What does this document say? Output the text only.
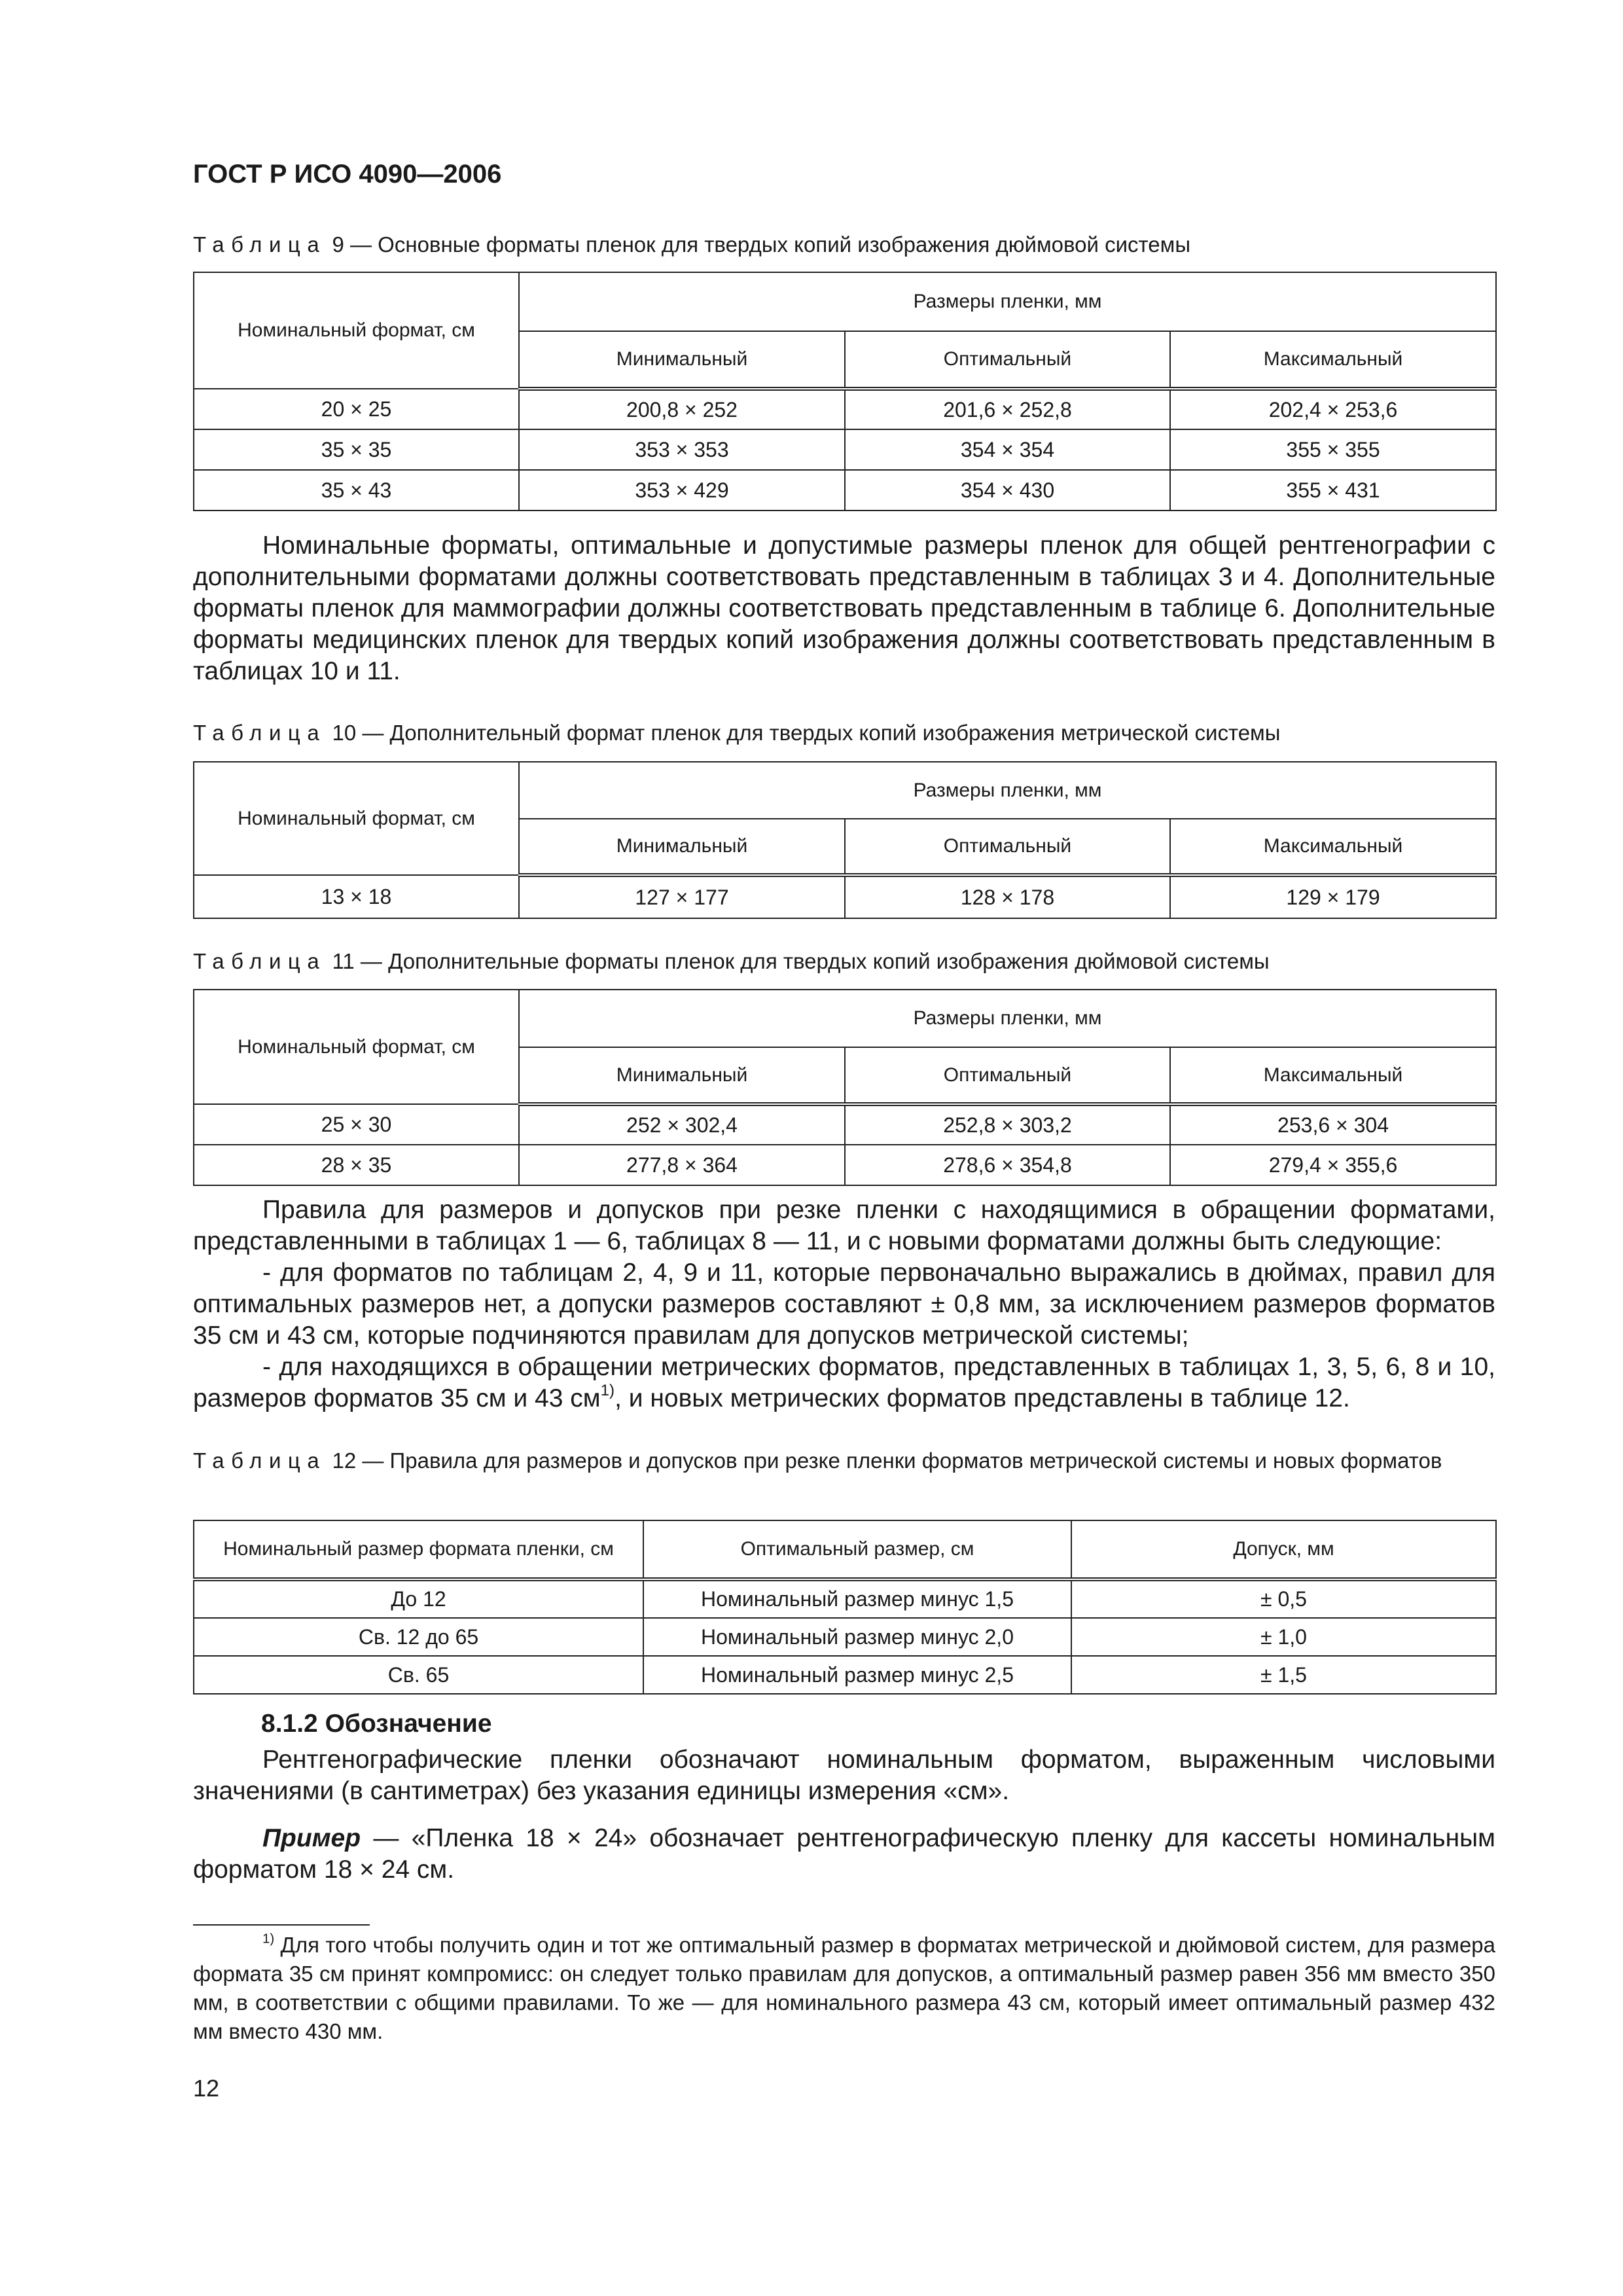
ГОСТ Р ИСО 4090—2006
Таблица 9 — Основные форматы пленок для твердых копий изображения дюймовой системы
Номинальный формат, см	Размеры пленки, мм		
	Минимальный	Оптимальный	Максимальный
20 × 25	200,8 × 252	201,6 × 252,8	202,4 × 253,6
35 × 35	353 × 353	354 × 354	355 × 355
35 × 43	353 × 429	354 × 430	355 × 431

Номинальные форматы, оптимальные и допустимые размеры пленок для общей рентгенографии с дополнительными форматами должны соответствовать представленным в таблицах 3 и 4. Дополнительные форматы пленок для маммографии должны соответствовать представленным в таблице 6. Дополнительные форматы медицинских пленок для твердых копий изображения должны соответствовать представленным в таблицах 10 и 11.

Таблица 10 — Дополнительный формат пленок для твердых копий изображения метрической системы
Номинальный формат, см	Размеры пленки, мм		
	Минимальный	Оптимальный	Максимальный
13 × 18	127 × 177	128 × 178	129 × 179
Таблица 11 — Дополнительные форматы пленок для твердых копий изображения дюймовой системы
Номинальный формат, см	Размеры пленки, мм		
	Минимальный	Оптимальный	Максимальный
25 × 30	252 × 302,4	252,8 × 303,2	253,6 × 304
28 × 35	277,8 × 364	278,6 × 354,8	279,4 × 355,6

Правила для размеров и допусков при резке пленки с находящимися в обращении форматами, представленными в таблицах 1 — 6, таблицах 8 — 11, и с новыми форматами должны быть следующие:

- для форматов по таблицам 2, 4, 9 и 11, которые первоначально выражались в дюймах, правил для оптимальных размеров нет, а допуски размеров составляют ± 0,8 мм, за исключением размеров форматов 35 см и 43 см, которые подчиняются правилам для допусков метрической системы;

- для находящихся в обращении метрических форматов, представленных в таблицах 1, 3, 5, 6, 8 и 10, размеров форматов 35 см и 43 $см^{1)}$, и новых метрических форматов представлены в таблице 12.

Таблица 12 — Правила для размеров и допусков при резке пленки форматов метрической системы и новых форматов
Номинальный размер формата пленки, см	Оптимальный размер, см	Допуск, мм
До 12	Номинальный размер минус 1,5	± 0,5
Св. 12 до 65	Номинальный размер минус 2,0	± 1,0
Св. 65	Номинальный размер минус 2,5	± 1,5
8.1.2 Обозначение

Рентгенографические пленки обозначают номинальным форматом, выраженным числовыми значениями (в сантиметрах) без указания единицы измерения «см».

Пример — «Пленка 18 × 24» обозначает рентгенографическую пленку для кассеты номинальным форматом 18 × 24 см.

$^{1)}$ Для того чтобы получить один и тот же оптимальный размер в форматах метрической и дюймовой систем, для размера формата 35 см принят компромисс: он следует только правилам для допусков, а оптимальный размер равен 356 мм вместо 350 мм, в соответствии с общими правилами. То же — для номинального размера 43 см, который имеет оптимальный размер 432 мм вместо 430 мм.

12
